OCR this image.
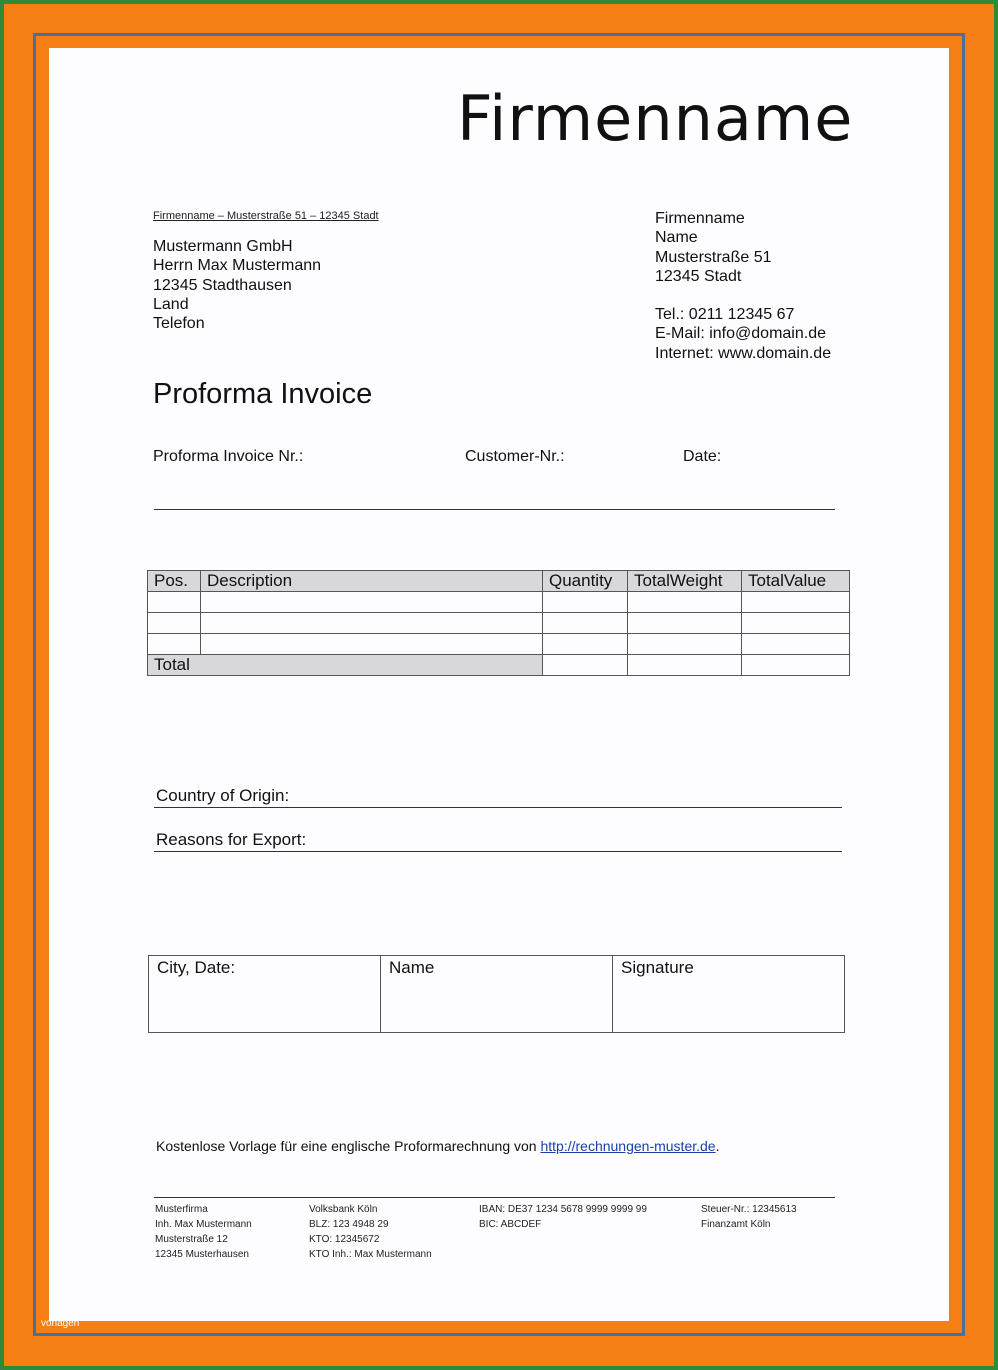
Firmenname
Firmenname – Musterstraße 51 – 12345 Stadt
Mustermann GmbH
Herrn Max Mustermann
12345 Stadthausen
Land
Telefon
Firmenname
Name
Musterstraße 51
12345 Stadt
Tel.: 0211 12345 67
E-Mail: info@domain.de
Internet: www.domain.de
Proforma Invoice
Proforma Invoice Nr.:	Customer-Nr.:	Date:
Pos.	Description	Quantity	TotalWeight	TotalValue

Total				
Country of Origin:
Reasons for Export:
City, Date:	Name	Signature
Kostenlose Vorlage für eine englische Proformarechnung von http://rechnungen-muster.de.
Musterfirma
Inh. Max Mustermann
Musterstraße 12
12345 Musterhausen
Volksbank Köln
BLZ: 123 4948 29
KTO: 12345672
KTO Inh.: Max Mustermann
IBAN: DE37 1234 5678 9999 9999 99
BIC: ABCDEF
Steuer-Nr.: 12345613
Finanzamt Köln
vorlagen
